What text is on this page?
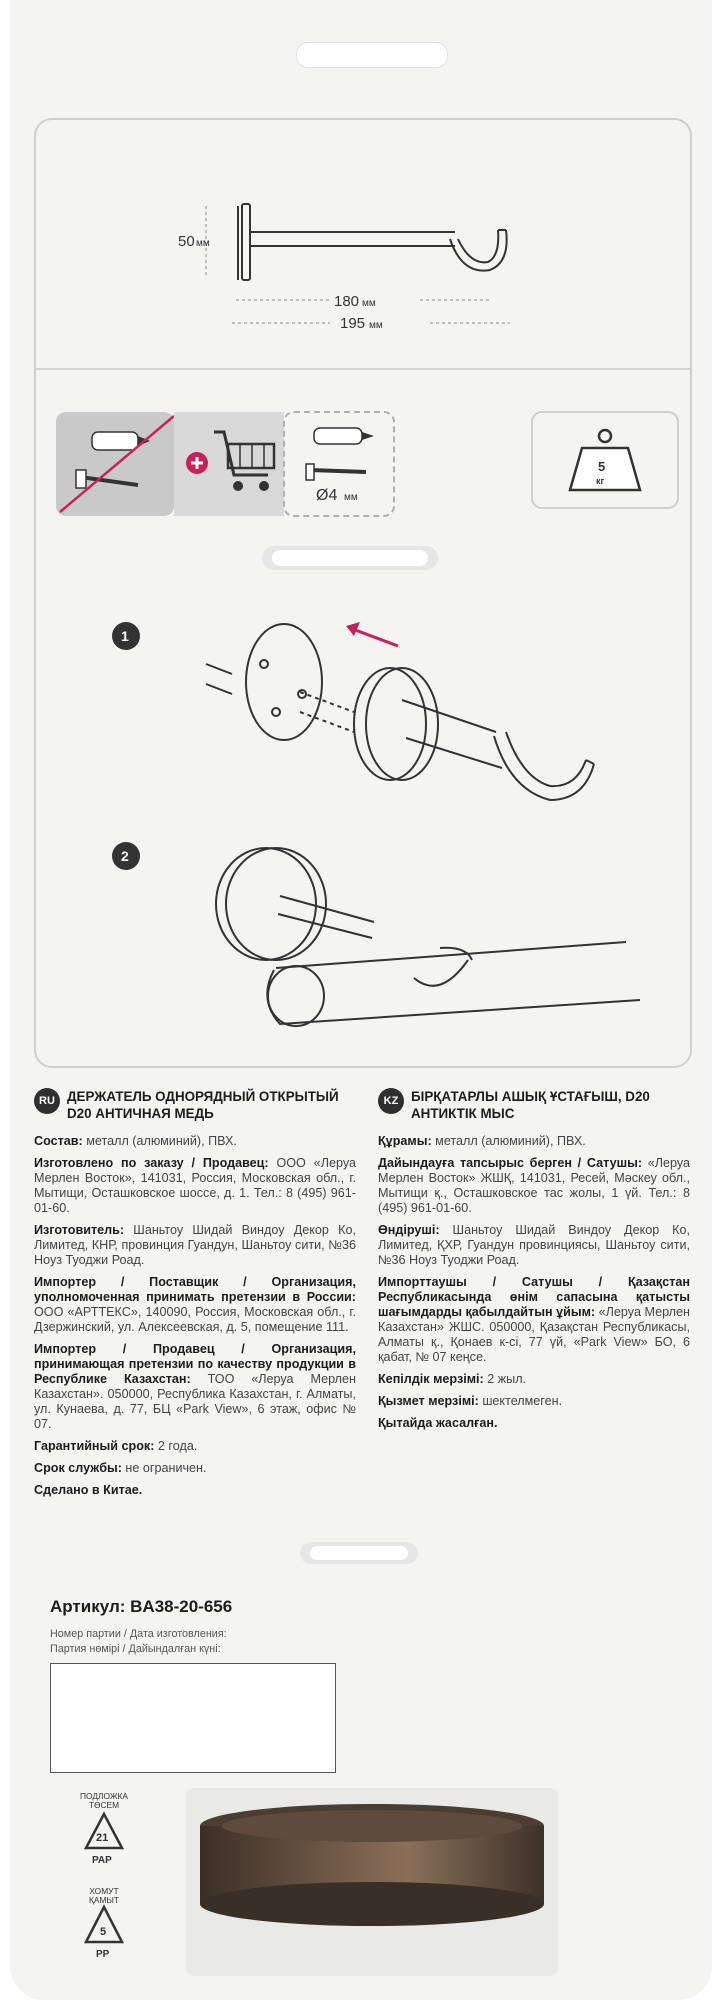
50 мм
180 мм
195 мм
Ø4 мм
5
кг
1
2
RU ДЕРЖАТЕЛЬ ОДНОРЯДНЫЙ ОТКРЫТЫЙ D20 АНТИЧНАЯ МЕДЬ

Состав: металл (алюминий), ПВХ.

Изготовлено по заказу / Продавец: ООО «Леруа Мерлен Восток», 141031, Россия, Московская обл., г. Мытищи, Осташковское шоссе, д. 1. Тел.: 8 (495) 961-01-60.

Изготовитель: Шаньтоу Шидай Виндоу Декор Ко, Лимитед, КНР, провинция Гуандун, Шаньтоу сити, №36 Ноуз Туоджи Роад.

Импортер / Поставщик / Организация, уполномоченная принимать претензии в России: ООО «АРТТЕКС», 140090, Россия, Московская обл., г. Дзержинский, ул. Алексеевская, д. 5, помещение 111.

Импортер / Продавец / Организация, принимающая претензии по качеству продукции в Республике Казахстан: ТОО «Леруа Мерлен Казахстан». 050000, Республика Казахстан, г. Алматы, ул. Кунаева, д. 77, БЦ «Park View», 6 этаж, офис № 07.

Гарантийный срок: 2 года.

Срок службы: не ограничен.

Сделано в Китае.

KZ БІРҚАТАРЛЫ АШЫҚ ҰСТАҒЫШ, D20 АНТИКТІК МЫС

Құрамы: металл (алюминий), ПВХ.

Дайындауға тапсырыс берген / Сатушы: «Леруа Мерлен Восток» ЖШҚ, 141031, Ресей, Мәскеу обл., Мытищи қ., Осташковское тас жолы, 1 үй. Тел.: 8 (495) 961-01-60.

Өндіруші: Шаньтоу Шидай Виндоу Декор Ко, Лимитед, ҚХР, Гуандун провинциясы, Шаньтоу сити, №36 Ноуз Туоджи Роад.

Импорттаушы / Сатушы / Қазақстан Республикасында өнім сапасына қатысты шағымдарды қабылдайтын ұйым: «Леруа Мерлен Казахстан» ЖШС. 050000, Қазақстан Республикасы, Алматы қ., Қонаев к-сі, 77 үй, «Park View» БО, 6 қабат, № 07 кеңсе.

Кепілдік мерзімі: 2 жыл.

Қызмет мерзімі: шектелмеген.

Қытайда жасалған.

Артикул: BA38-20-656
Номер партии / Дата изготовления:
Партия нөмірі / Дайындалған күні:
ПОДЛОЖКА
ТӨСЕМ
ХОМУТ
ҚАМЫТ
21
PAP
5
PP
